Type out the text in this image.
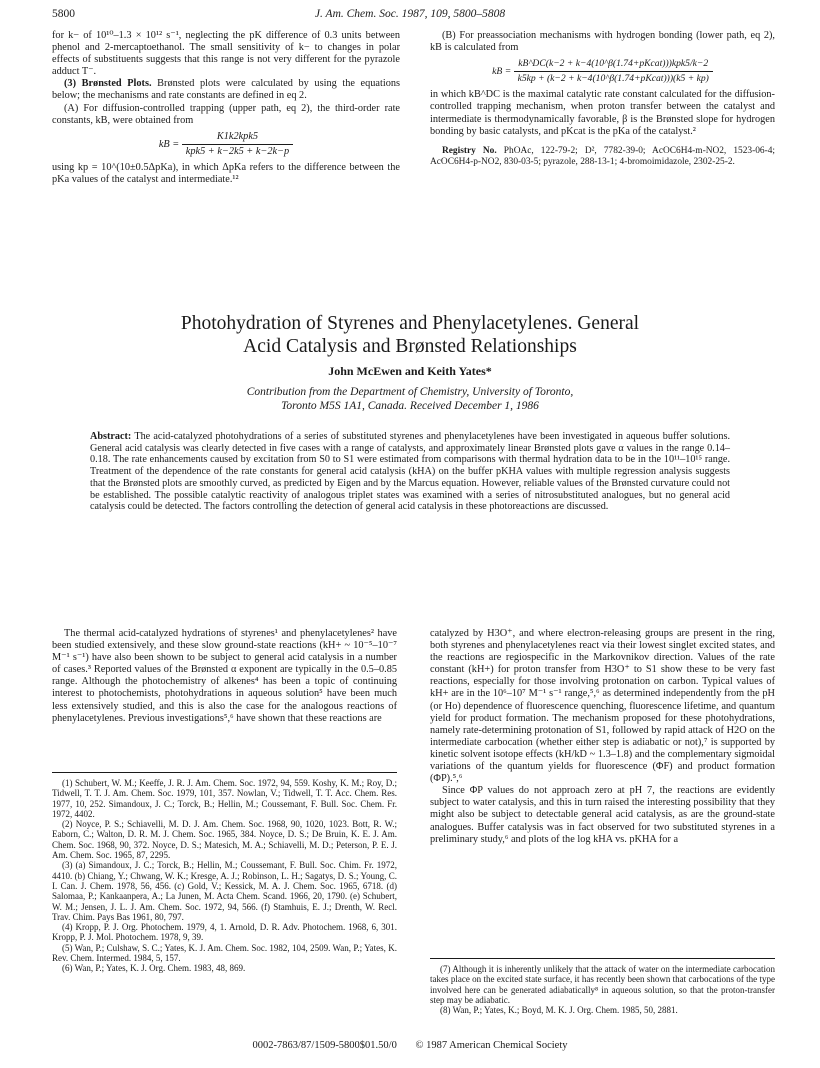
5800	J. Am. Chem. Soc. 1987, 109, 5800–5808

for k− of 10¹⁰–1.3 × 10¹² s⁻¹, neglecting the pK difference of 0.3 units between phenol and 2-mercaptoethanol. The small sensitivity of k− to changes in polar effects of substituents suggests that this range is not very different for the pyrazole adduct T⁻.

(3) Brønsted Plots. Brønsted plots were calculated by using the equations below; the mechanisms and rate constants are defined in eq 2.

(A) For diffusion-controlled trapping (upper path, eq 2), the third-order rate constants, kB, were obtained from

kB = $\frac{\text{K1k2kpk5}}{\text{kpk5 + k−2k5 + k−2k−p}}$

using kp = 10^(10±0.5ΔpKa), in which ΔpKa refers to the difference between the pKa values of the catalyst and intermediate.¹²

(B) For preassociation mechanisms with hydrogen bonding (lower path, eq 2), kB is calculated from

kB = $\frac{\text{kB\textasciicircum{}DC(k−2 + k−4(10\textasciicircum{}β(1.74+pKcat)))kpk5/k−2}}{\text{k5kp + (k−2 + k−4(10\textasciicircum{}β(1.74+pKcat)))(k5 + kp)}}$

in which kB^DC is the maximal catalytic rate constant calculated for the diffusion-controlled trapping mechanism, when proton transfer between the catalyst and intermediate is thermodynamically favorable, β is the Brønsted slope for hydrogen bonding by basic catalysts, and pKcat is the pKa of the catalyst.²

Registry No. PhOAc, 122-79-2; D², 7782-39-0; AcOC6H4-m-NO2, 1523-06-4; AcOC6H4-p-NO2, 830-03-5; pyrazole, 288-13-1; 4-bromoimidazole, 2302-25-2.

Photohydration of Styrenes and Phenylacetylenes. General
Acid Catalysis and Brønsted Relationships
John McEwen and Keith Yates*
Contribution from the Department of Chemistry, University of Toronto,
Toronto M5S 1A1, Canada. Received December 1, 1986
Abstract: The acid-catalyzed photohydrations of a series of substituted styrenes and phenylacetylenes have been investigated in aqueous buffer solutions. General acid catalysis was clearly detected in five cases with a range of catalysts, and approximately linear Brønsted plots gave α values in the range 0.14–0.18. The rate enhancements caused by excitation from S0 to S1 were estimated from comparisons with thermal hydration data to be in the 10¹¹–10¹⁵ range. Treatment of the dependence of the rate constants for general acid catalysis (kHA) on the buffer pKHA values with multiple regression analysis suggests that the Brønsted plots are smoothly curved, as predicted by Eigen and by the Marcus equation. However, reliable values of the Brønsted curvature could not be established. The possible catalytic reactivity of analogous triplet states was examined with a series of nitrosubstituted analogues, but no general acid catalysis could be detected. The factors controlling the detection of general acid catalysis in these photoreactions are discussed.

The thermal acid-catalyzed hydrations of styrenes¹ and phenylacetylenes² have been studied extensively, and these slow ground-state reactions (kH+ ~ 10⁻⁵–10⁻⁷ M⁻¹ s⁻¹) have also been shown to be subject to general acid catalysis in a number of cases.³ Reported values of the Brønsted α exponent are typically in the 0.5–0.85 range. Although the photochemistry of alkenes⁴ has been a topic of continuing interest to photochemists, photohydrations in aqueous solution⁵ have been much less extensively studied, and this is also the case for the analogous reactions of phenylacetylenes. Previous investigations⁵,⁶ have shown that these reactions are

catalyzed by H3O⁺, and where electron-releasing groups are present in the ring, both styrenes and phenylacetylenes react via their lowest singlet excited states, and the reactions are regiospecific in the Markovnikov direction. Values of the rate constant (kH+) for proton transfer from H3O⁺ to S1 show these to be very fast reactions, especially for those involving protonation on carbon. Typical values of kH+ are in the 10⁶–10⁷ M⁻¹ s⁻¹ range,⁵,⁶ as determined independently from the pH (or Ho) dependence of fluorescence quenching, fluorescence lifetime, and quantum yield for product formation. The mechanism proposed for these photohydrations, namely rate-determining protonation of S1, followed by rapid attack of H2O on the intermediate carbocation (whether either step is adiabatic or not),⁷ is supported by kinetic solvent isotope effects (kH/kD ~ 1.3–1.8) and the complementary sigmoidal variations of the quantum yields for fluorescence (ΦF) and product formation (ΦP).⁵,⁶

Since ΦP values do not approach zero at pH 7, the reactions are evidently subject to water catalysis, and this in turn raised the interesting possibility that they might also be subject to detectable general acid catalysis, as are the ground-state analogues. Buffer catalysis was in fact observed for two substituted styrenes in a preliminary study,⁶ and plots of the log kHA vs. pKHA for a

(1) Schubert, W. M.; Keeffe, J. R. J. Am. Chem. Soc. 1972, 94, 559. Koshy, K. M.; Roy, D.; Tidwell, T. T. J. Am. Chem. Soc. 1979, 101, 357. Nowlan, V.; Tidwell, T. T. Acc. Chem. Res. 1977, 10, 252. Simandoux, J. C.; Torck, B.; Hellin, M.; Coussemant, F. Bull. Soc. Chem. Fr. 1972, 4402.

(2) Noyce, P. S.; Schiavelli, M. D. J. Am. Chem. Soc. 1968, 90, 1020, 1023. Bott, R. W.; Eaborn, C.; Walton, D. R. M. J. Chem. Soc. 1965, 384. Noyce, D. S.; De Bruin, K. E. J. Am. Chem. Soc. 1968, 90, 372. Noyce, D. S.; Matesich, M. A.; Schiavelli, M. D.; Peterson, P. E. J. Am. Chem. Soc. 1965, 87, 2295.

(3) (a) Simandoux, J. C.; Torck, B.; Hellin, M.; Coussemant, F. Bull. Soc. Chim. Fr. 1972, 4410. (b) Chiang, Y.; Chwang, W. K.; Kresge, A. J.; Robinson, L. H.; Sagatys, D. S.; Young, C. I. Can. J. Chem. 1978, 56, 456. (c) Gold, V.; Kessick, M. A. J. Chem. Soc. 1965, 6718. (d) Salomaa, P.; Kankaanpera, A.; La Junen, M. Acta Chem. Scand. 1966, 20, 1790. (e) Schubert, W. M.; Jensen, J. L. J. Am. Chem. Soc. 1972, 94, 566. (f) Stamhuis, E. J.; Drenth, W. Recl. Trav. Chim. Pays Bas 1961, 80, 797.

(4) Kropp, P. J. Org. Photochem. 1979, 4, 1. Arnold, D. R. Adv. Photochem. 1968, 6, 301. Kropp, P. J. Mol. Photochem. 1978, 9, 39.

(5) Wan, P.; Culshaw, S. C.; Yates, K. J. Am. Chem. Soc. 1982, 104, 2509. Wan, P.; Yates, K. Rev. Chem. Intermed. 1984, 5, 157.

(6) Wan, P.; Yates, K. J. Org. Chem. 1983, 48, 869.	(7) Although it is inherently unlikely that the attack of water on the intermediate carbocation takes place on the excited state surface, it has recently been shown that carbocations of the type involved here can be generated adiabatically⁸ in aqueous solution, so that the proton-transfer step may be adiabatic.

(8) Wan, P.; Yates, K.; Boyd, M. K. J. Org. Chem. 1985, 50, 2881.

0002-7863/87/1509-5800$01.50/0 © 1987 American Chemical Society
